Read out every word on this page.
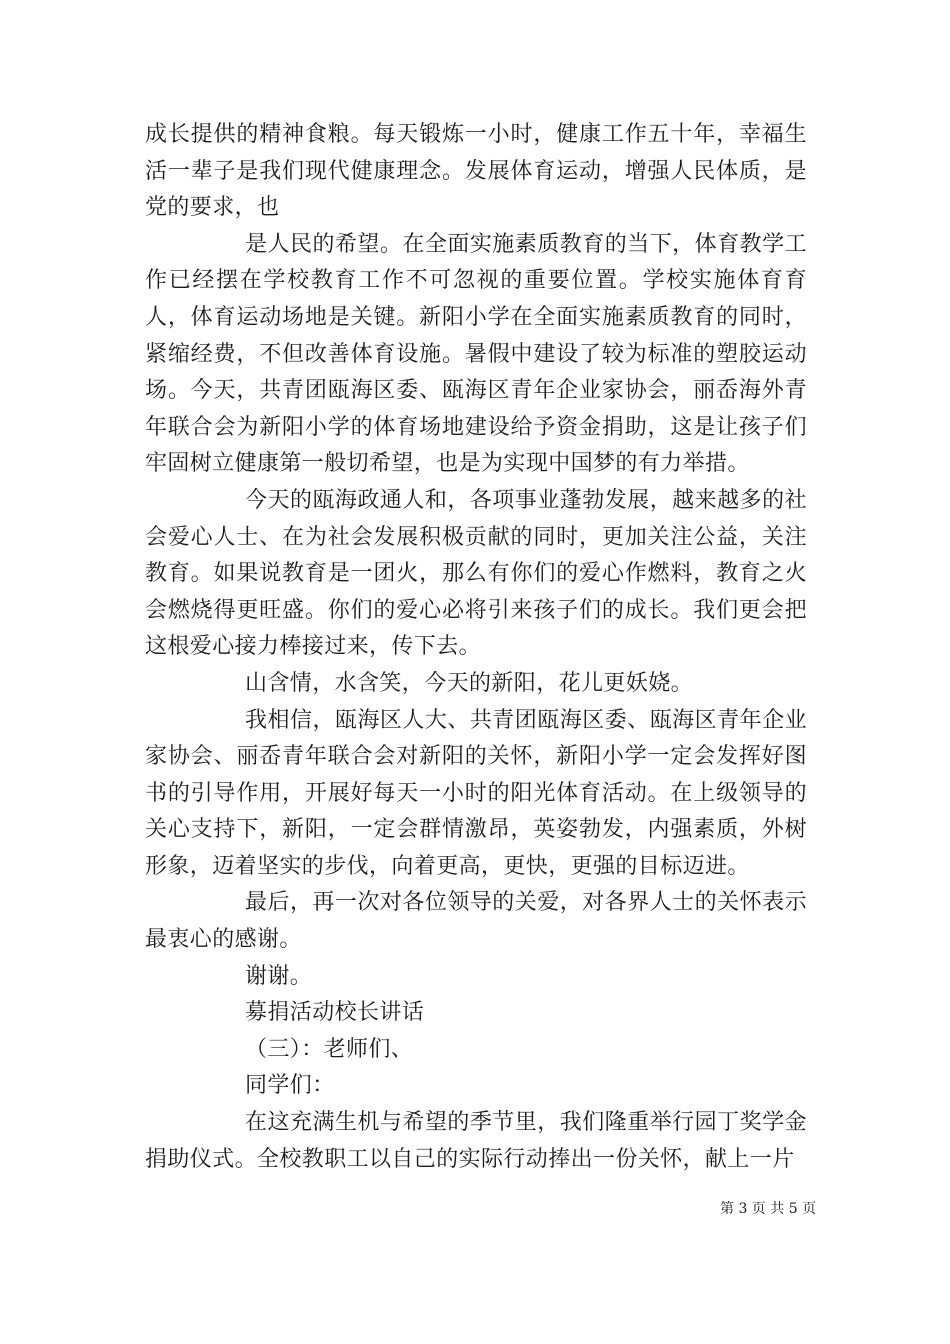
成长提供的精神食粮。每天锻炼一小时，健康工作五十年，幸福生活一辈子是我们现代健康理念。发展体育运动，增强人民体质，是党的要求，也

是人民的希望。在全面实施素质教育的当下，体育教学工作已经摆在学校教育工作不可忽视的重要位置。学校实施体育育人，体育运动场地是关键。新阳小学在全面实施素质教育的同时，紧缩经费，不但改善体育设施。暑假中建设了较为标准的塑胶运动场。今天，共青团瓯海区委、瓯海区青年企业家协会，丽岙海外青年联合会为新阳小学的体育场地建设给予资金捐助，这是让孩子们牢固树立健康第一般切希望，也是为实现中国梦的有力举措。

今天的瓯海政通人和，各项事业蓬勃发展，越来越多的社会爱心人士、在为社会发展积极贡献的同时，更加关注公益，关注教育。如果说教育是一团火，那么有你们的爱心作燃料，教育之火会燃烧得更旺盛。你们的爱心必将引来孩子们的成长。我们更会把这根爱心接力棒接过来，传下去。

山含情，水含笑，今天的新阳，花儿更妖娆。

我相信，瓯海区人大、共青团瓯海区委、瓯海区青年企业家协会、丽岙青年联合会对新阳的关怀，新阳小学一定会发挥好图书的引导作用，开展好每天一小时的阳光体育活动。在上级领导的关心支持下，新阳，一定会群情激昂，英姿勃发，内强素质，外树形象，迈着坚实的步伐，向着更高，更快，更强的目标迈进。

最后，再一次对各位领导的关爱，对各界人士的关怀表示最衷心的感谢。

谢谢。

募捐活动校长讲话

（三）：老师们、

同学们：

在这充满生机与希望的季节里，我们隆重举行园丁奖学金捐助仪式。全校教职工以自己的实际行动捧出一份关怀，献上一片

第 3 页 共 5 页
